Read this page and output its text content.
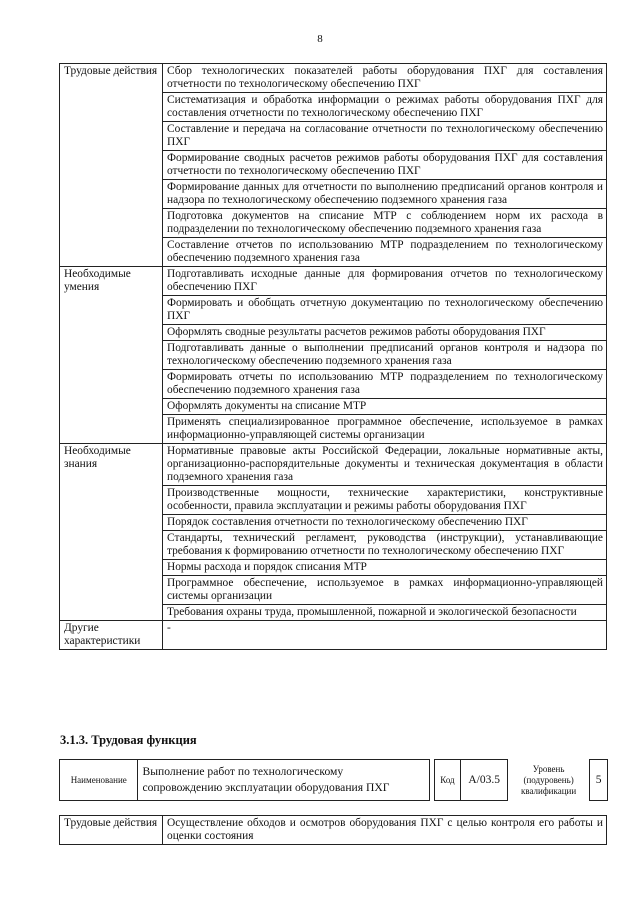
8
Трудовые действия	Сбор технологических показателей работы оборудования ПХГ для составления отчетности по технологическому обеспечению ПХГ
	Систематизация и обработка информации о режимах работы оборудования ПХГ для составления отчетности по технологическому обеспечению ПХГ
	Составление и передача на согласование отчетности по технологическому обеспечению ПХГ
	Формирование сводных расчетов режимов работы оборудования ПХГ для составления отчетности по технологическому обеспечению ПХГ
	Формирование данных для отчетности по выполнению предписаний органов контроля и надзора по технологическому обеспечению подземного хранения газа
	Подготовка документов на списание МТР с соблюдением норм их расхода в подразделении по технологическому обеспечению подземного хранения газа
	Составление отчетов по использованию МТР подразделением по технологическому обеспечению подземного хранения газа
Необходимые умения	Подготавливать исходные данные для формирования отчетов по технологическому обеспечению ПХГ
	Формировать и обобщать отчетную документацию по технологическому обеспечению ПХГ
	Оформлять сводные результаты расчетов режимов работы оборудования ПХГ
	Подготавливать данные о выполнении предписаний органов контроля и надзора по технологическому обеспечению подземного хранения газа
	Формировать отчеты по использованию МТР подразделением по технологическому обеспечению подземного хранения газа
	Оформлять документы на списание МТР
	Применять специализированное программное обеспечение, используемое в рамках информационно-управляющей системы организации
Необходимые знания	Нормативные правовые акты Российской Федерации, локальные нормативные акты, организационно-распорядительные документы и техническая документация в области подземного хранения газа
	Производственные мощности, технические характеристики, конструктивные особенности, правила эксплуатации и режимы работы оборудования ПХГ
	Порядок составления отчетности по технологическому обеспечению ПХГ
	Стандарты, технический регламент, руководства (инструкции), устанавливающие требования к формированию отчетности по технологическому обеспечению ПХГ
	Нормы расхода и порядок списания МТР
	Программное обеспечение, используемое в рамках информационно-управляющей системы организации
	Требования охраны труда, промышленной, пожарной и экологической безопасности
Другие характеристики	-
3.1.3. Трудовая функция
Наименование	Выполнение работ по технологическому сопровождению эксплуатации оборудования ПХГ		Код	А/03.5	Уровень (подуровень) квалификации	5
Трудовые действия	Осуществление обходов и осмотров оборудования ПХГ с целью контроля его работы и оценки состояния
